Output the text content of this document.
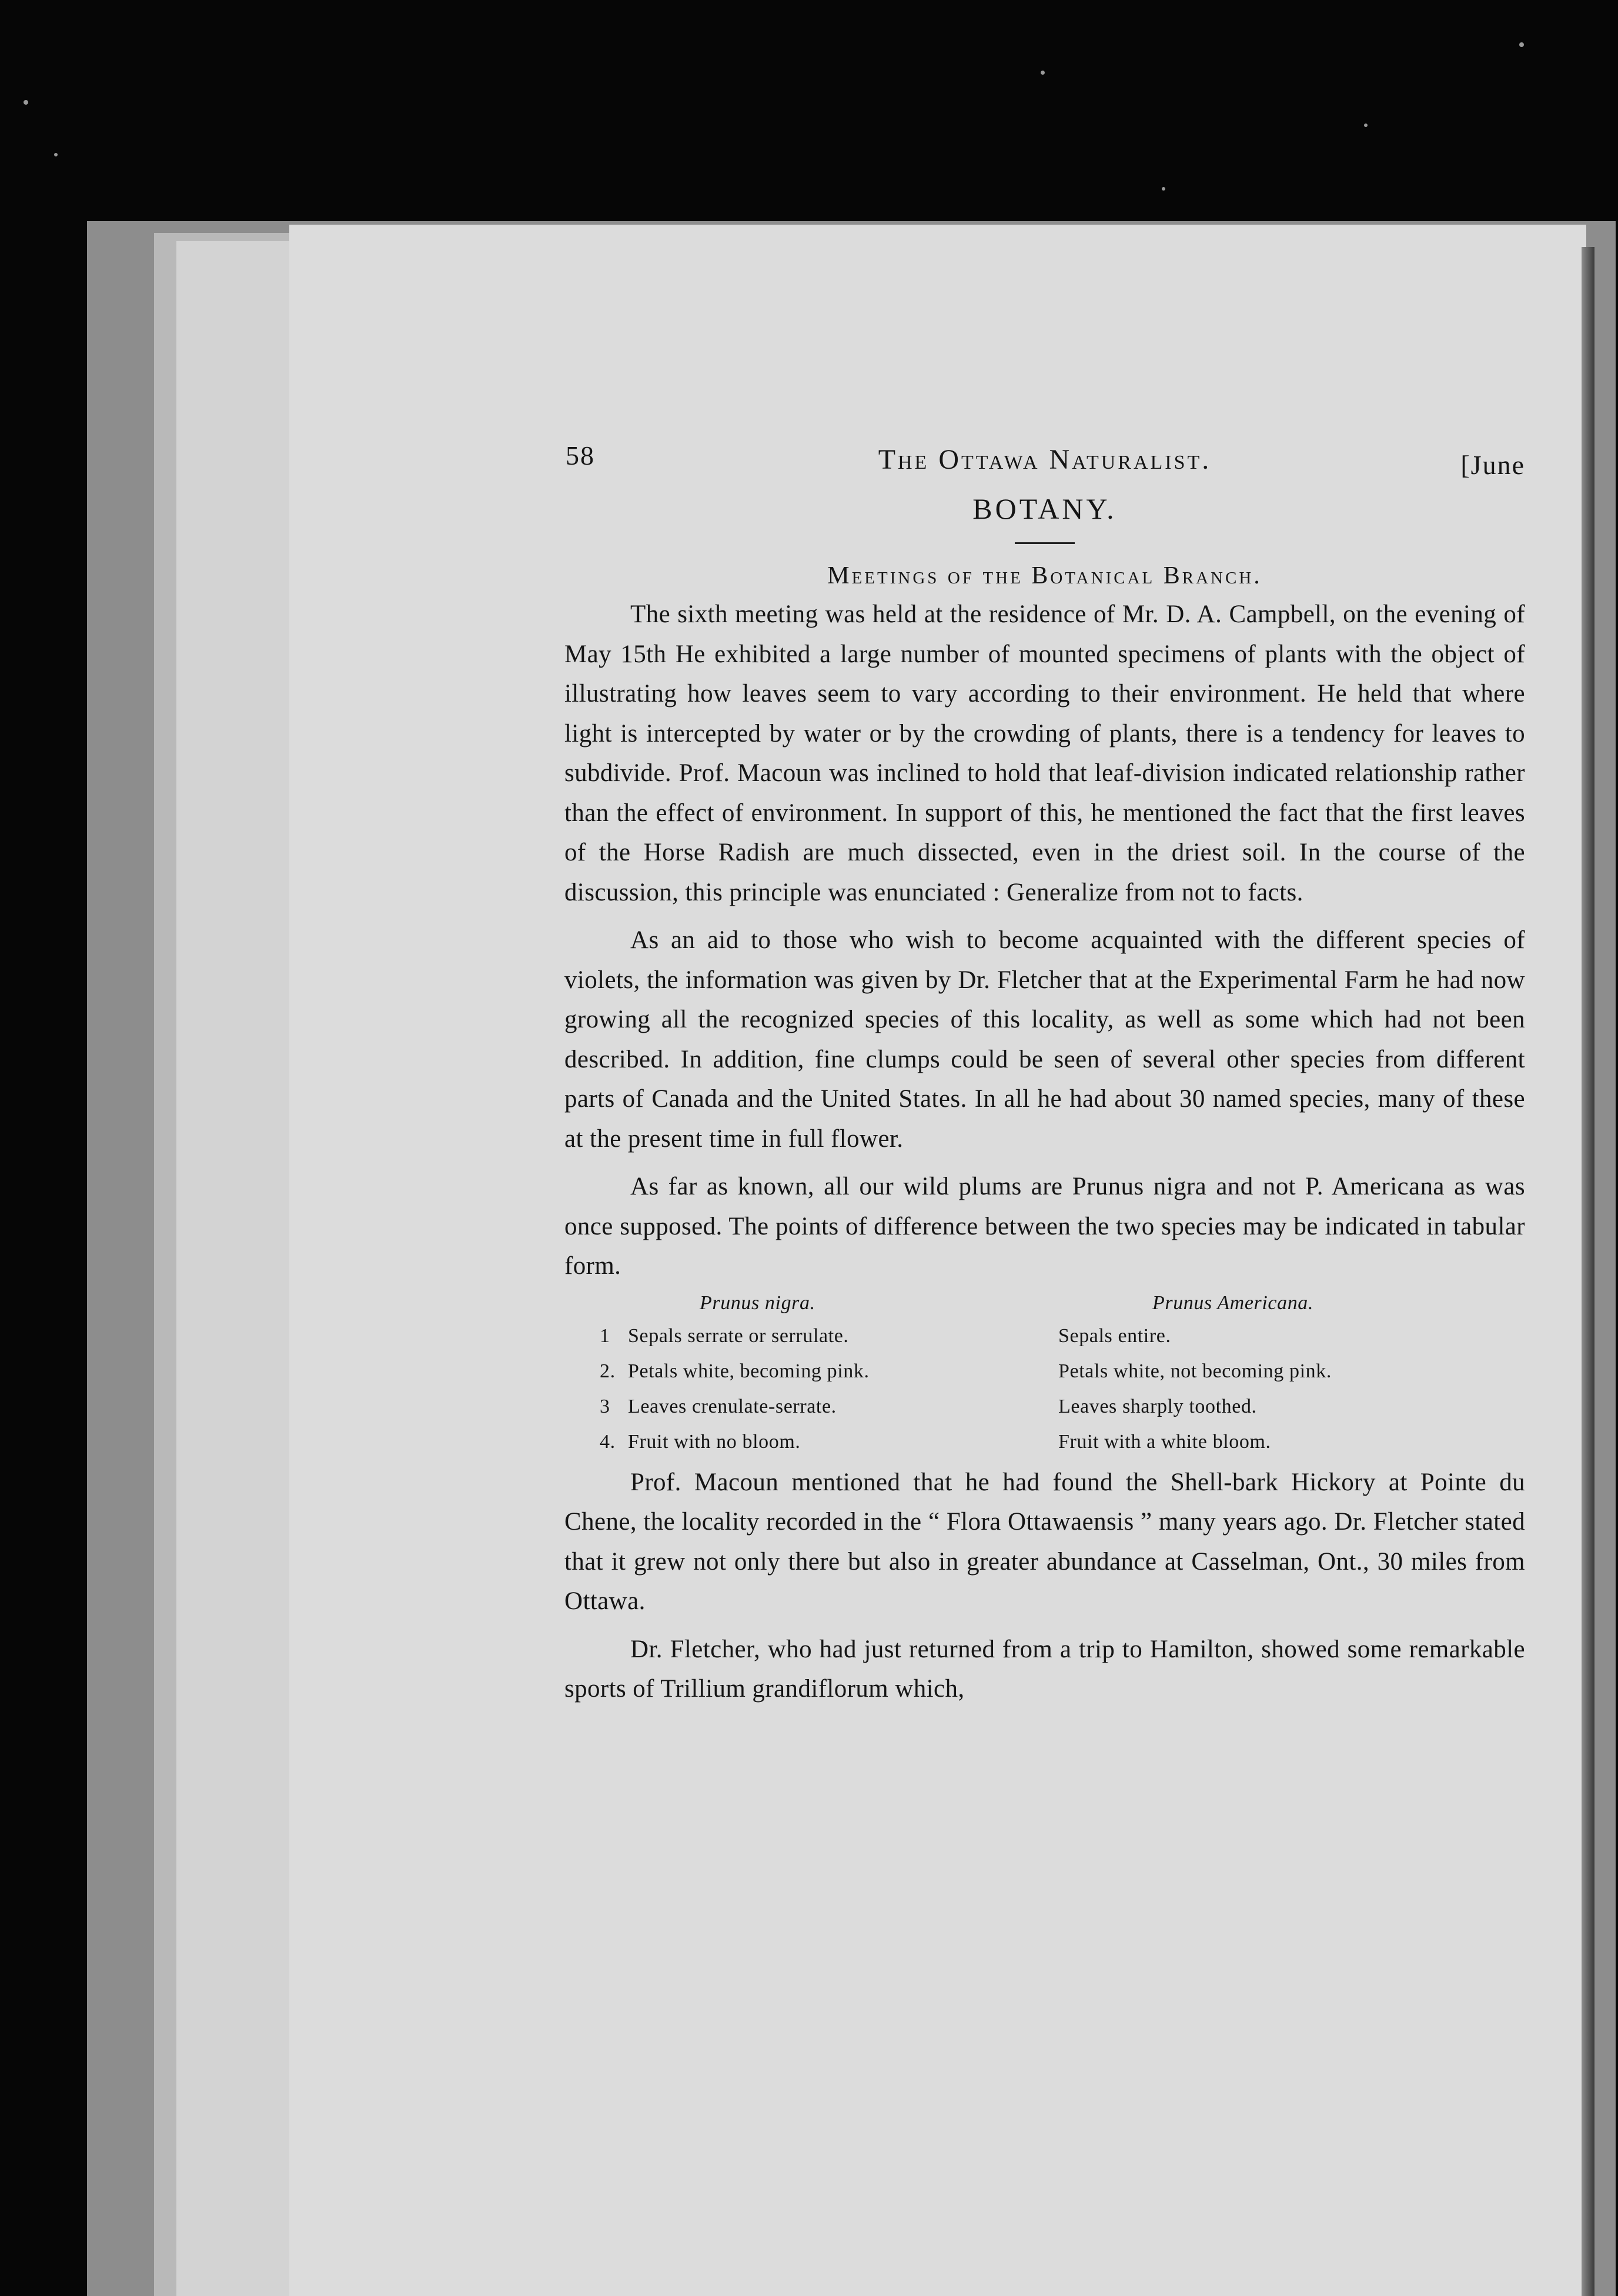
58	The Ottawa Naturalist.	[June
BOTANY.
Meetings of the Botanical Branch.

The sixth meeting was held at the residence of Mr. D. A. Campbell, on the evening of May 15th He exhibited a large number of mounted specimens of plants with the object of illustrating how leaves seem to vary according to their environment. He held that where light is intercepted by water or by the crowding of plants, there is a tendency for leaves to subdivide. Prof. Macoun was inclined to hold that leaf-division indicated relationship rather than the effect of environment. In support of this, he mentioned the fact that the first leaves of the Horse Radish are much dissected, even in the driest soil. In the course of the discussion, this principle was enunciated : Generalize from not to facts.

As an aid to those who wish to become acquainted with the different species of violets, the information was given by Dr. Fletcher that at the Experimental Farm he had now growing all the recognized species of this locality, as well as some which had not been described. In addition, fine clumps could be seen of several other species from different parts of Canada and the United States. In all he had about 30 named species, many of these at the present time in full flower.

As far as known, all our wild plums are Prunus nigra and not P. Americana as was once supposed. The points of difference between the two species may be indicated in tabular form.

Prunus nigra.	Prunus Americana.
1 Sepals serrate or serrulate.	Sepals entire.
2. Petals white, becoming pink.	Petals white, not becoming pink.
3 Leaves crenulate-serrate.	Leaves sharply toothed.
4. Fruit with no bloom.	Fruit with a white bloom.

Prof. Macoun mentioned that he had found the Shell-bark Hickory at Pointe du Chene, the locality recorded in the “ Flora Ottawaensis ” many years ago. Dr. Fletcher stated that it grew not only there but also in greater abundance at Casselman, Ont., 30 miles from Ottawa.

Dr. Fletcher, who had just returned from a trip to Hamilton, showed some remarkable sports of Trillium grandiflorum which,
